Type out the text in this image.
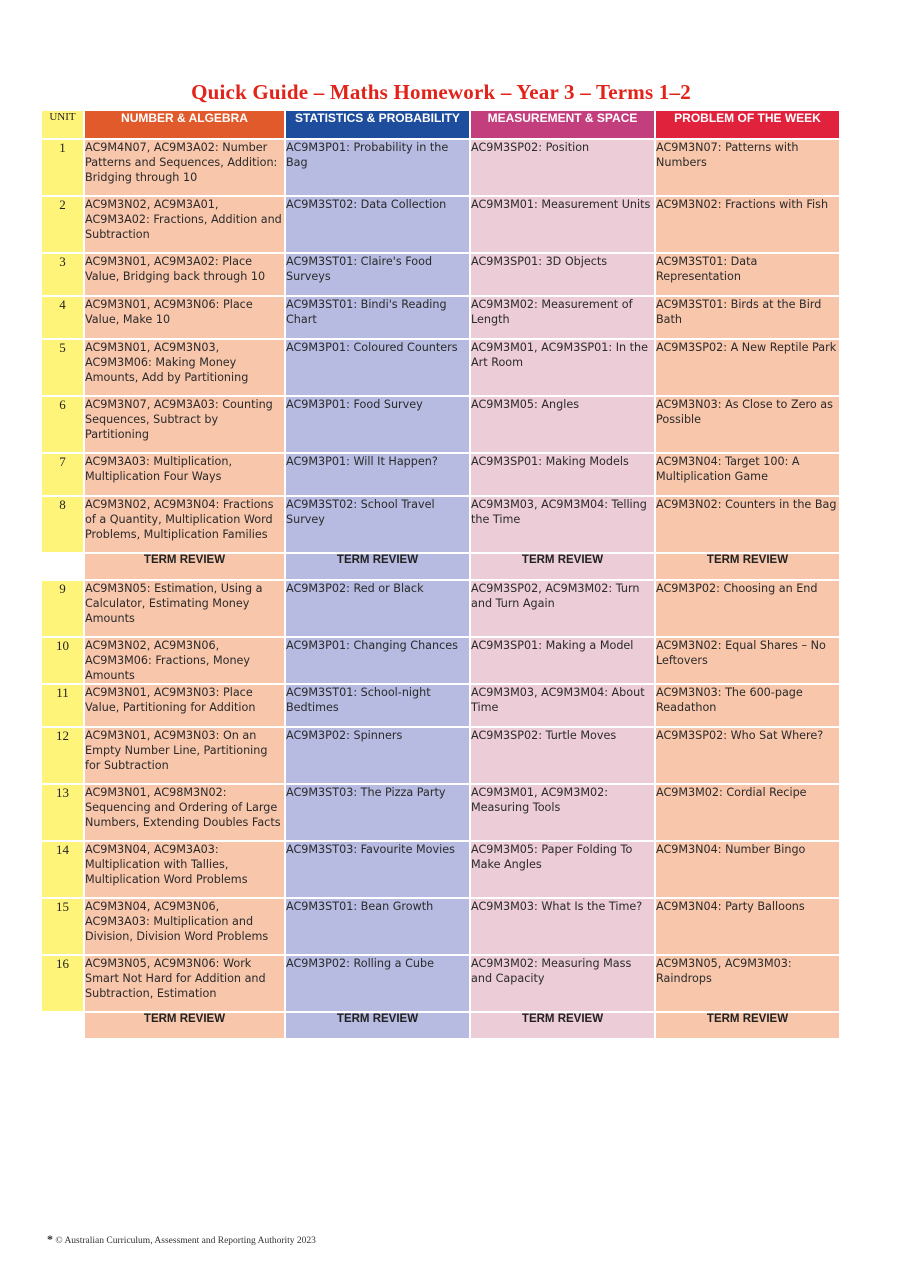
Quick Guide – Maths Homework – Year 3 – Terms 1–2
UNIT	NUMBER & ALGEBRA	STATISTICS & PROBABILITY	MEASUREMENT & SPACE	PROBLEM OF THE WEEK
1	AC9M4N07, AC9M3A02: Number Patterns and Sequences, Addition: Bridging through 10	AC9M3P01: Probability in the Bag	AC9M3SP02: Position	AC9M3N07: Patterns with Numbers
2	AC9M3N02, AC9M3A01, AC9M3A02: Fractions, Addition and Subtraction	AC9M3ST02: Data Collection	AC9M3M01: Measurement Units	AC9M3N02: Fractions with Fish
3	AC9M3N01, AC9M3A02: Place Value, Bridging back through 10	AC9M3ST01: Claire's Food Surveys	AC9M3SP01: 3D Objects	AC9M3ST01: Data Representation
4	AC9M3N01, AC9M3N06: Place Value, Make 10	AC9M3ST01: Bindi's Reading Chart	AC9M3M02: Measurement of Length	AC9M3ST01: Birds at the Bird Bath
5	AC9M3N01, AC9M3N03, AC9M3M06: Making Money Amounts, Add by Partitioning	AC9M3P01: Coloured Counters	AC9M3M01, AC9M3SP01: In the Art Room	AC9M3SP02: A New Reptile Park
6	AC9M3N07, AC9M3A03: Counting Sequences, Subtract by Partitioning	AC9M3P01: Food Survey	AC9M3M05: Angles	AC9M3N03: As Close to Zero as Possible
7	AC9M3A03: Multiplication, Multiplication Four Ways	AC9M3P01: Will It Happen?	AC9M3SP01: Making Models	AC9M3N04: Target 100: A Multiplication Game
8	AC9M3N02, AC9M3N04: Fractions of a Quantity, Multiplication Word Problems, Multiplication Families	AC9M3ST02: School Travel Survey	AC9M3M03, AC9M3M04: Telling the Time	AC9M3N02: Counters in the Bag
	TERM REVIEW	TERM REVIEW	TERM REVIEW	TERM REVIEW
9	AC9M3N05: Estimation, Using a Calculator, Estimating Money Amounts	AC9M3P02: Red or Black	AC9M3SP02, AC9M3M02: Turn and Turn Again	AC9M3P02: Choosing an End
10	AC9M3N02, AC9M3N06, AC9M3M06: Fractions, Money Amounts	AC9M3P01: Changing Chances	AC9M3SP01: Making a Model	AC9M3N02: Equal Shares – No Leftovers
11	AC9M3N01, AC9M3N03: Place Value, Partitioning for Addition	AC9M3ST01: School-night Bedtimes	AC9M3M03, AC9M3M04: About Time	AC9M3N03: The 600-page Readathon
12	AC9M3N01, AC9M3N03: On an Empty Number Line, Partitioning for Subtraction	AC9M3P02: Spinners	AC9M3SP02: Turtle Moves	AC9M3SP02: Who Sat Where?
13	AC9M3N01, AC98M3N02: Sequencing and Ordering of Large Numbers, Extending Doubles Facts	AC9M3ST03: The Pizza Party	AC9M3M01, AC9M3M02: Measuring Tools	AC9M3M02: Cordial Recipe
14	AC9M3N04, AC9M3A03: Multiplication with Tallies, Multiplication Word Problems	AC9M3ST03: Favourite Movies	AC9M3M05: Paper Folding To Make Angles	AC9M3N04: Number Bingo
15	AC9M3N04, AC9M3N06, AC9M3A03: Multiplication and Division, Division Word Problems	AC9M3ST01: Bean Growth	AC9M3M03: What Is the Time?	AC9M3N04: Party Balloons
16	AC9M3N05, AC9M3N06: Work Smart Not Hard for Addition and Subtraction, Estimation	AC9M3P02: Rolling a Cube	AC9M3M02: Measuring Mass and Capacity	AC9M3N05, AC9M3M03: Raindrops
	TERM REVIEW	TERM REVIEW	TERM REVIEW	TERM REVIEW
* © Australian Curriculum, Assessment and Reporting Authority 2023
